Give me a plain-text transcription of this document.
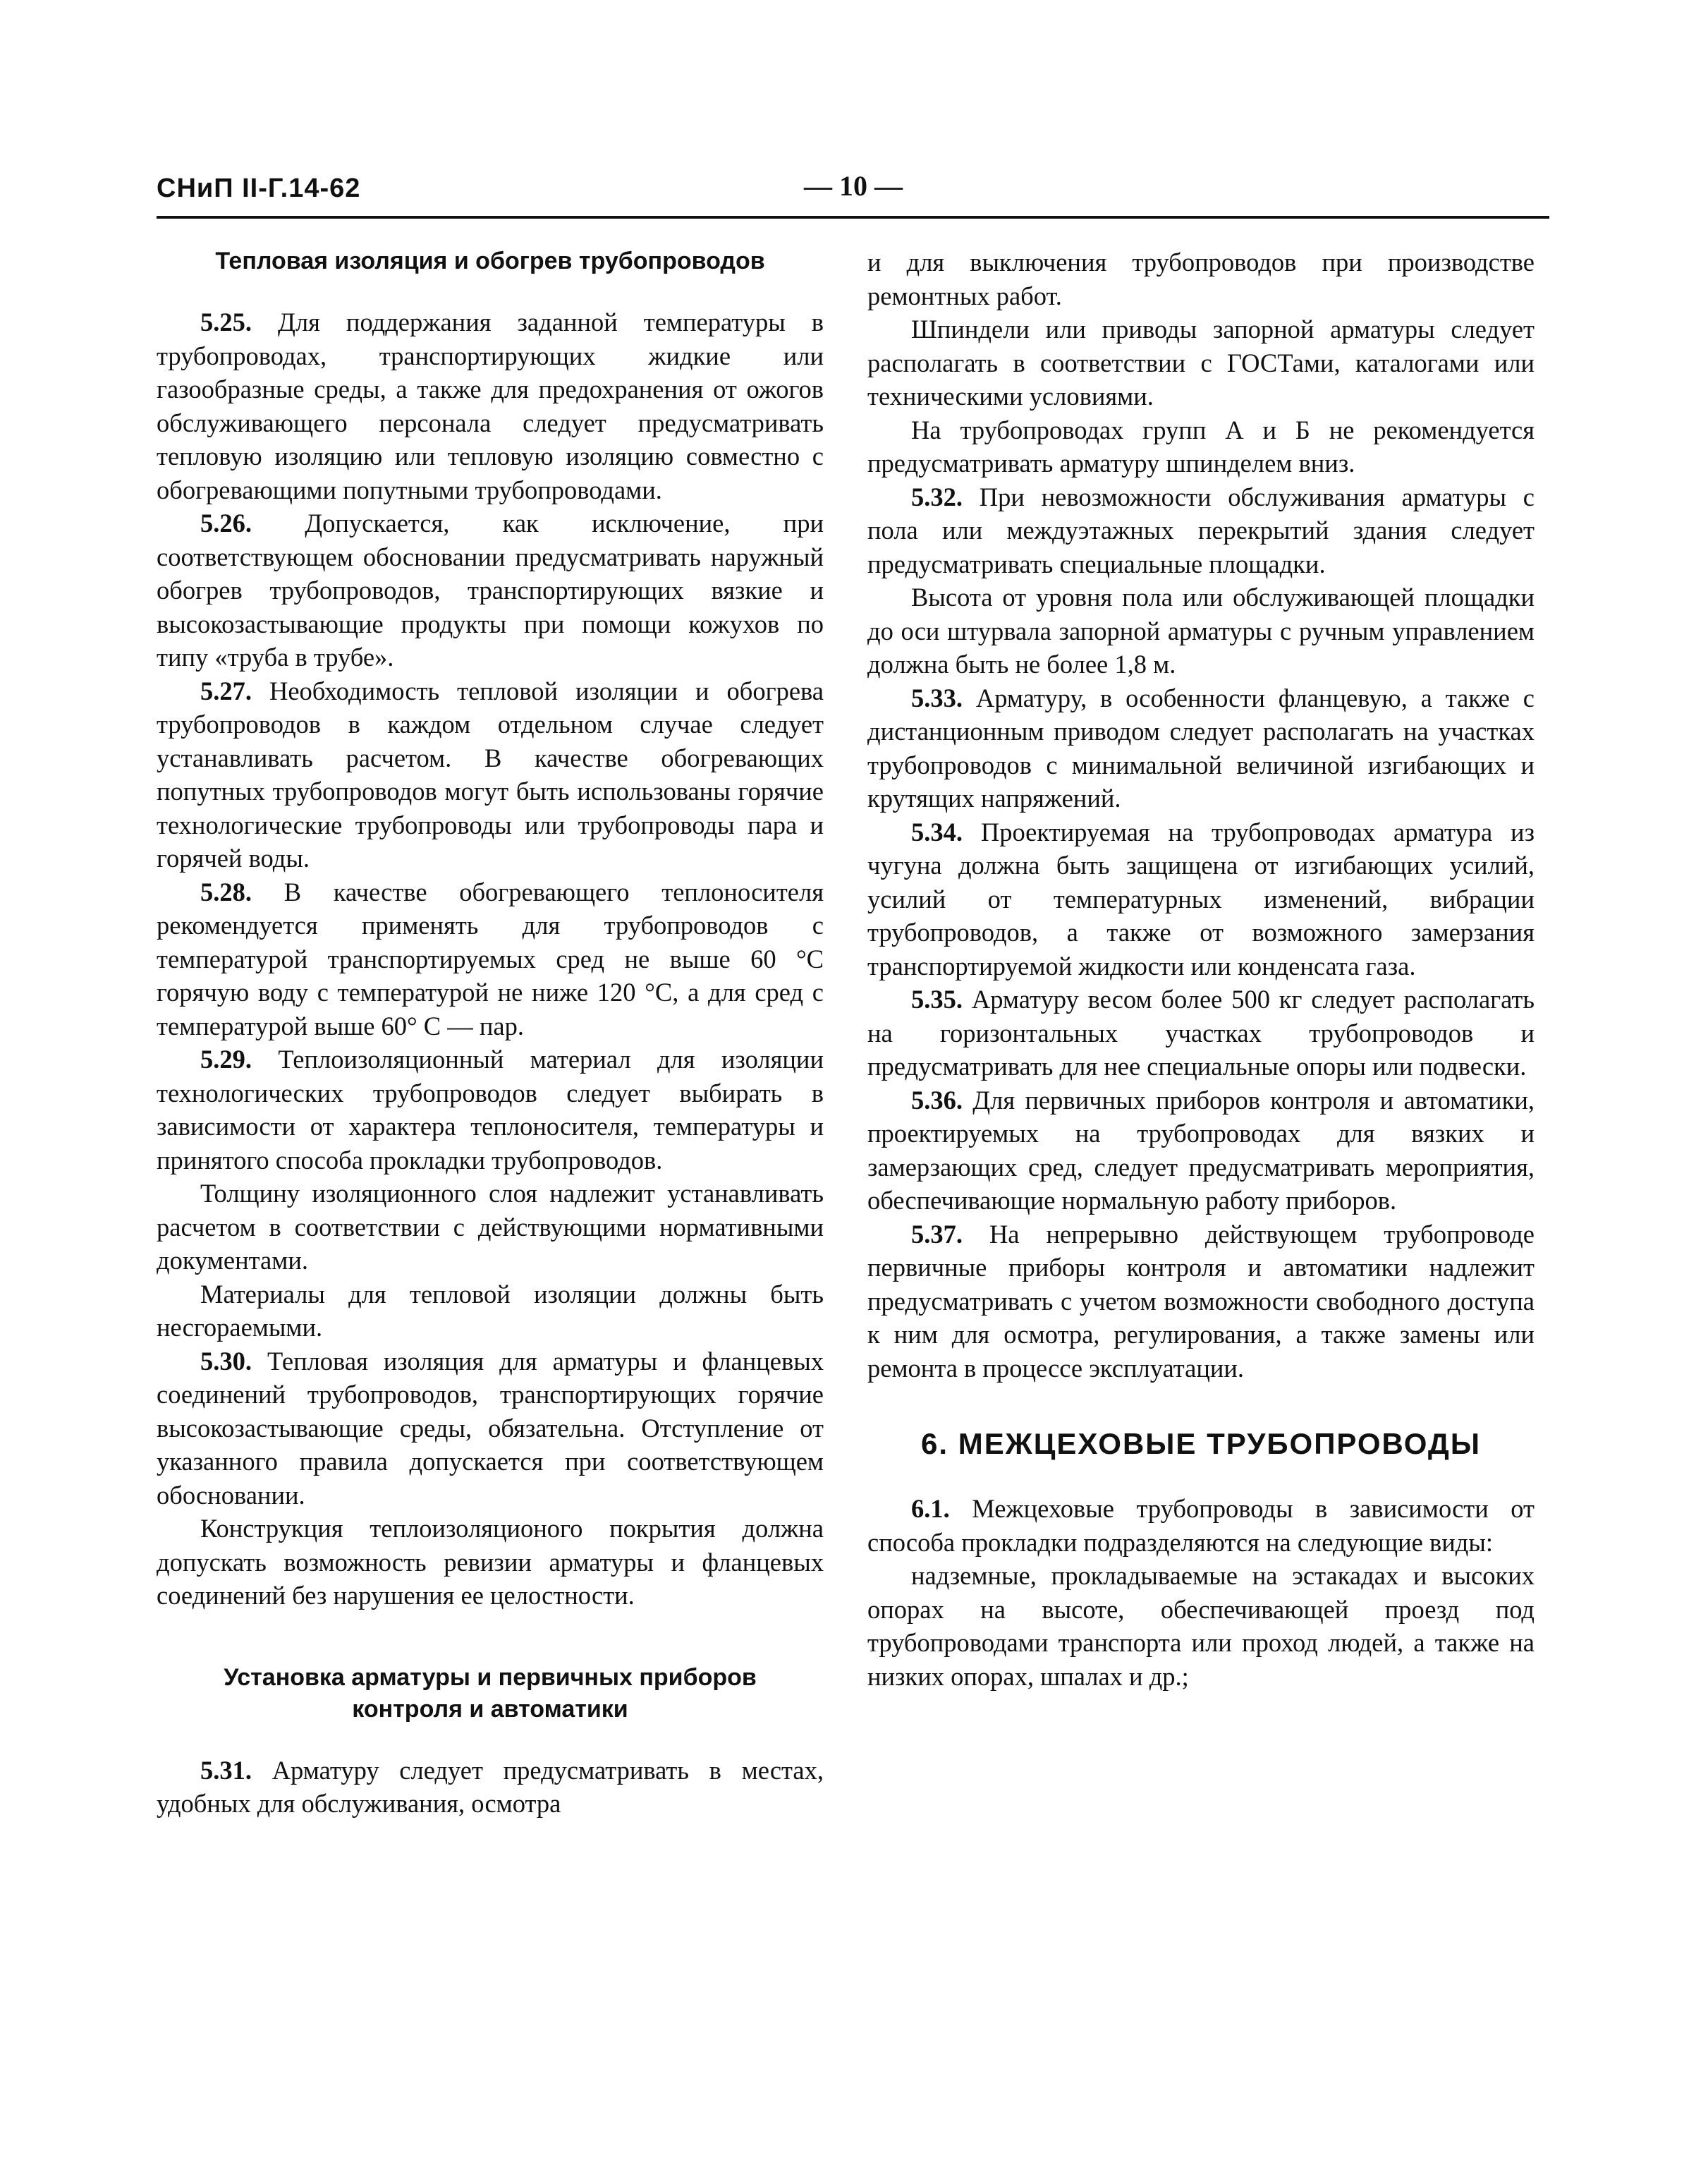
СНиП II-Г.14-62	— 10 —

Тепловая изоляция и обогрев трубопроводов

5.25. Для поддержания заданной температуры в трубопроводах, транспортирующих жидкие или газообразные среды, а также для предохранения от ожогов обслуживающего персонала следует предусматривать тепловую изоляцию или тепловую изоляцию совместно с обогревающими попутными трубопроводами.

5.26. Допускается, как исключение, при соответствующем обосновании предусматривать наружный обогрев трубопроводов, транспортирующих вязкие и высокозастывающие продукты при помощи кожухов по типу «труба в трубе».

5.27. Необходимость тепловой изоляции и обогрева трубопроводов в каждом отдельном случае следует устанавливать расчетом. В качестве обогревающих попутных трубопроводов могут быть использованы горячие технологические трубопроводы или трубопроводы пара и горячей воды.

5.28. В качестве обогревающего теплоносителя рекомендуется применять для трубопроводов с температурой транспортируемых сред не выше 60 °С горячую воду с температурой не ниже 120 °С, а для сред с температурой выше 60° С — пар.

5.29. Теплоизоляционный материал для изоляции технологических трубопроводов следует выбирать в зависимости от характера теплоносителя, температуры и принятого способа прокладки трубопроводов.

Толщину изоляционного слоя надлежит устанавливать расчетом в соответствии с действующими нормативными документами.

Материалы для тепловой изоляции должны быть несгораемыми.

5.30. Тепловая изоляция для арматуры и фланцевых соединений трубопроводов, транспортирующих горячие высокозастывающие среды, обязательна. Отступление от указанного правила допускается при соответствующем обосновании.

Конструкция теплоизоляционого покрытия должна допускать возможность ревизии арматуры и фланцевых соединений без нарушения ее целостности.

Установка арматуры и первичных приборов

контроля и автоматики

5.31. Арматуру следует предусматривать в местах, удобных для обслуживания, осмотра

и для выключения трубопроводов при производстве ремонтных работ.

Шпиндели или приводы запорной арматуры следует располагать в соответствии с ГОСТами, каталогами или техническими условиями.

На трубопроводах групп А и Б не рекомендуется предусматривать арматуру шпинделем вниз.

5.32. При невозможности обслуживания арматуры с пола или междуэтажных перекрытий здания следует предусматривать специальные площадки.

Высота от уровня пола или обслуживающей площадки до оси штурвала запорной арматуры с ручным управлением должна быть не более 1,8 м.

5.33. Арматуру, в особенности фланцевую, а также с дистанционным приводом следует располагать на участках трубопроводов с минимальной величиной изгибающих и крутящих напряжений.

5.34. Проектируемая на трубопроводах арматура из чугуна должна быть защищена от изгибающих усилий, усилий от температурных изменений, вибрации трубопроводов, а также от возможного замерзания транспортируемой жидкости или конденсата газа.

5.35. Арматуру весом более 500 кг следует располагать на горизонтальных участках трубопроводов и предусматривать для нее специальные опоры или подвески.

5.36. Для первичных приборов контроля и автоматики, проектируемых на трубопроводах для вязких и замерзающих сред, следует предусматривать мероприятия, обеспечивающие нормальную работу приборов.

5.37. На непрерывно действующем трубопроводе первичные приборы контроля и автоматики надлежит предусматривать с учетом возможности свободного доступа к ним для осмотра, регулирования, а также замены или ремонта в процессе эксплуатации.

6. МЕЖЦЕХОВЫЕ ТРУБОПРОВОДЫ

6.1. Межцеховые трубопроводы в зависимости от способа прокладки подразделяются на следующие виды:

надземные, прокладываемые на эстакадах и высоких опорах на высоте, обеспечивающей проезд под трубопроводами транспорта или проход людей, а также на низких опорах, шпалах и др.;
